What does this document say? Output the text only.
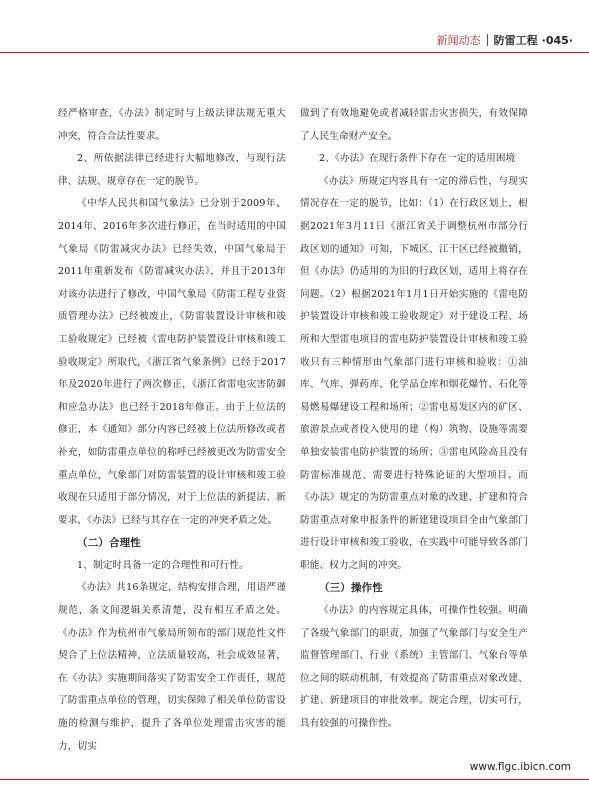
新闻动态 防雷工程 ·045·

经严格审查，《办法》制定时与上级法律法规无重大冲突，符合合法性要求。

2、所依据法律已经进行大幅地修改，与现行法律、法规、规章存在一定的脱节。

《中华人民共和国气象法》已分别于2009年、2014年、2016年多次进行修正，在当时适用的中国气象局《防雷减灾办法》已经失效，中国气象局于2011年重新发布《防雷减灾办法》，并且于2013年对该办法进行了修改，中国气象局《防雷工程专业资质管理办法》已经被废止，《防雷装置设计审核和竣工验收规定》已经被《雷电防护装置设计审核和竣工验收规定》所取代，《浙江省气象条例》已经于2017年及2020年进行了两次修正，《浙江省雷电灾害防御和应急办法》也已经于2018年修正。由于上位法的修正，本《通知》部分内容已经被上位法所修改或者补充，如防雷重点单位的称呼已经被更改为防雷安全重点单位，气象部门对防雷装置的设计审核和竣工验收现在只适用于部分情况，对于上位法的新提法、新要求，《办法》已经与其存在一定的冲突矛盾之处。

（二）合理性

1、制定时具备一定的合理性和可行性。

《办法》共16条规定，结构安排合理，用语严谨规范，条文间逻辑关系清楚，没有相互矛盾之处。《办法》作为杭州市气象局所领布的部门规范性文件契合了上位法精神，立法质量较高，社会成效显著，在《办法》实施期间落实了防雷安全工作责任，规范了防雷重点单位的管理，切实保障了相关单位防雷设施的检测与维护，提升了各单位处理雷击灾害的能力，切实

做到了有效地避免或者减轻雷击灾害损失，有效保障了人民生命财产安全。

2、《办法》在现行条件下存在一定的适用困境

《办法》所规定内容具有一定的滞后性，与现实情况存在一定的脱节，比如：（1）在行政区划上，根据2021年3月11日《浙江省关于调整杭州市部分行政区划的通知》可知，下城区、江干区已经被撤销，但《办法》仍适用的为旧的行政区划，适用上将存在问题。（2）根据2021年1月1日开始实施的《雷电防护装置设计审核和竣工验收规定》对于建设工程、场所和大型雷电项目的雷电防护装置设计审核和竣工验收只有三种情形由气象部门进行审核和验收：①油库、气库、弹药库、化学品仓库和烟花爆竹、石化等易燃易爆建设工程和场所；②雷电易发区内的矿区、旅游景点或者投入使用的建（构）筑物、设施等需要单独安装雷电防护装置的场所；③雷电风险高且没有防雷标准规范、需要进行特殊论证的大型项目。而《办法》规定的为防雷重点对象的改建、扩建和符合防雷重点对象申报条件的新建建设项目全由气象部门进行设计审核和竣工验收，在实践中可能导致各部门职能、权力之间的冲突。

（三）操作性

《办法》的内容规定具体，可操作性较强。明确了各级气象部门的职责，加强了气象部门与安全生产监督管理部门、行业（系统）主管部门、气象台等单位之间的联动机制，有效提高了防雷重点对象改建、扩建、新建项目的审批效率。规定合理，切实可行，具有较强的可操作性。

www.flgc.ibicn.com
